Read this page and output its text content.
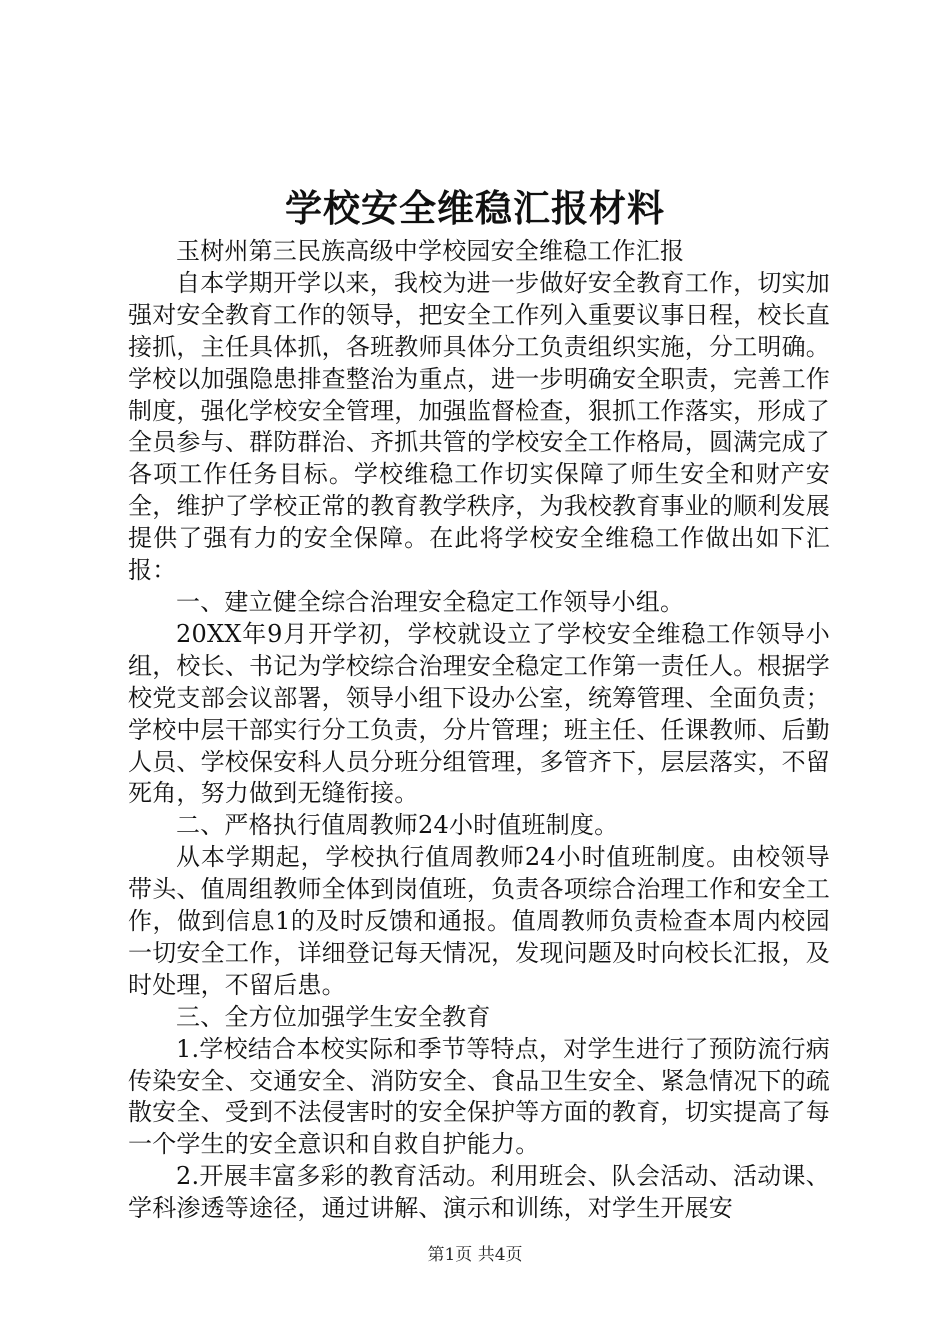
学校安全维稳汇报材料

玉树州第三民族高级中学校园安全维稳工作汇报

自本学期开学以来，我校为进一步做好安全教育工作，切实加强对安全教育工作的领导，把安全工作列入重要议事日程，校长直接抓，主任具体抓，各班教师具体分工负责组织实施，分工明确。学校以加强隐患排查整治为重点，进一步明确安全职责，完善工作制度，强化学校安全管理，加强监督检查，狠抓工作落实，形成了全员参与、群防群治、齐抓共管的学校安全工作格局，圆满完成了各项工作任务目标。学校维稳工作切实保障了师生安全和财产安全，维护了学校正常的教育教学秩序，为我校教育事业的顺利发展提供了强有力的安全保障。在此将学校安全维稳工作做出如下汇报：

一、建立健全综合治理安全稳定工作领导小组。

20XX年9月开学初，学校就设立了学校安全维稳工作领导小组，校长、书记为学校综合治理安全稳定工作第一责任人。根据学校党支部会议部署，领导小组下设办公室，统筹管理、全面负责；学校中层干部实行分工负责，分片管理；班主任、任课教师、后勤人员、学校保安科人员分班分组管理，多管齐下，层层落实，不留死角，努力做到无缝衔接。

二、严格执行值周教师24小时值班制度。

从本学期起，学校执行值周教师24小时值班制度。由校领导带头、值周组教师全体到岗值班，负责各项综合治理工作和安全工作，做到信息1的及时反馈和通报。值周教师负责检查本周内校园一切安全工作，详细登记每天情况，发现问题及时向校长汇报，及时处理，不留后患。

三、全方位加强学生安全教育

1.学校结合本校实际和季节等特点，对学生进行了预防流行病传染安全、交通安全、消防安全、食品卫生安全、紧急情况下的疏散安全、受到不法侵害时的安全保护等方面的教育，切实提高了每一个学生的安全意识和自救自护能力。

2.开展丰富多彩的教育活动。利用班会、队会活动、活动课、学科渗透等途径，通过讲解、演示和训练，对学生开展安

第1页 共4页
